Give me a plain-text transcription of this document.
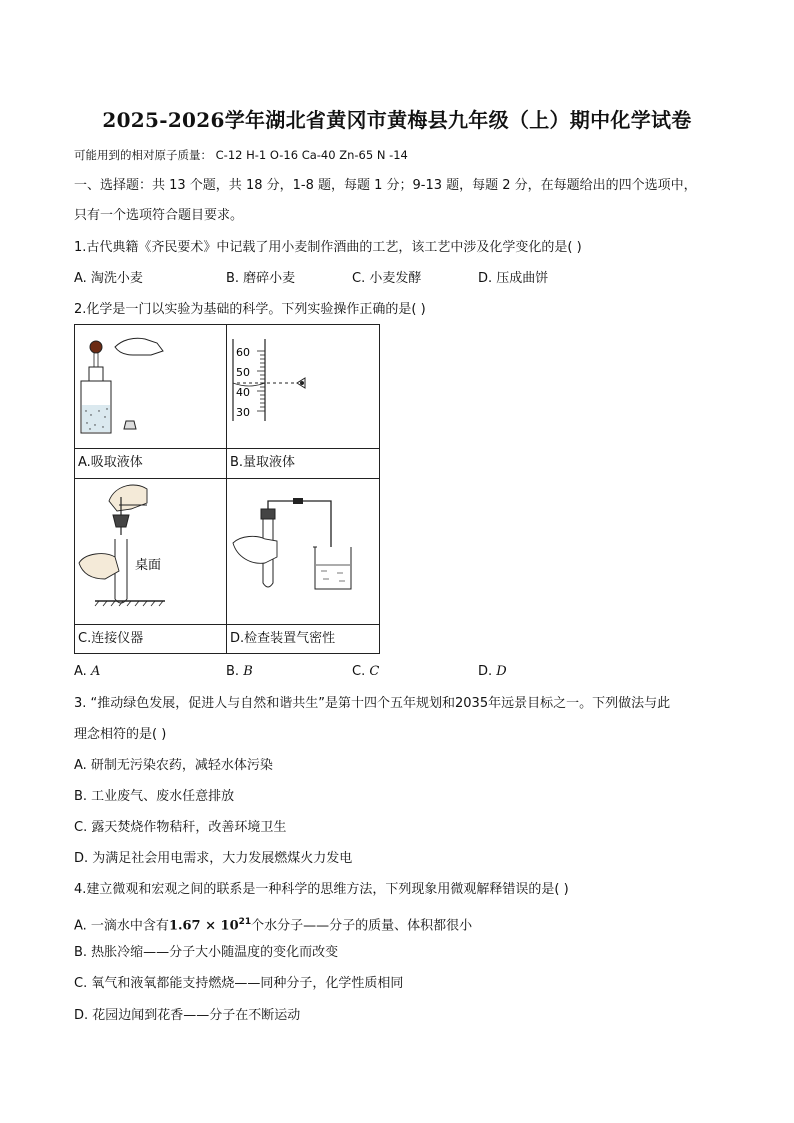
2025-2026学年湖北省黄冈市黄梅县九年级（上）期中化学试卷
可能用到的相对原子质量： C-12 H-1 O-16 Ca-40 Zn-65 N -14
一、选择题：共 13 个题，共 18 分，1-8 题，每题 1 分；9-13 题，每题 2 分，在每题给出的四个选项中，
只有一个选项符合题目要求。
1.古代典籍《齐民要术》中记载了用小麦制作酒曲的工艺，该工艺中涉及化学变化的是( )
A. 淘洗小麦	B. 磨碎小麦	C. 小麦发酵	D. 压成曲饼
2.化学是一门以实验为基础的科学。下列实验操作正确的是( )
60
50
40
30
A.吸取液体	B.量取液体
桌面
C.连接仪器	D.检查装置气密性
A. A	B. B	C. C	D. D
3. “推动绿色发展，促进人与自然和谐共生”是第十四个五年规划和2035年远景目标之一。下列做法与此
理念相符的是( )
A. 研制无污染农药，减轻水体污染
B. 工业废气、废水任意排放
C. 露天焚烧作物秸秆，改善环境卫生
D. 为满足社会用电需求，大力发展燃煤火力发电
4.建立微观和宏观之间的联系是一种科学的思维方法，下列现象用微观解释错误的是( )
A. 一滴水中含有$1.67 \times 10^{21}$个水分子——分子的质量、体积都很小
B. 热胀冷缩——分子大小随温度的变化而改变
C. 氧气和液氧都能支持燃烧——同种分子，化学性质相同
D. 花园边闻到花香——分子在不断运动
